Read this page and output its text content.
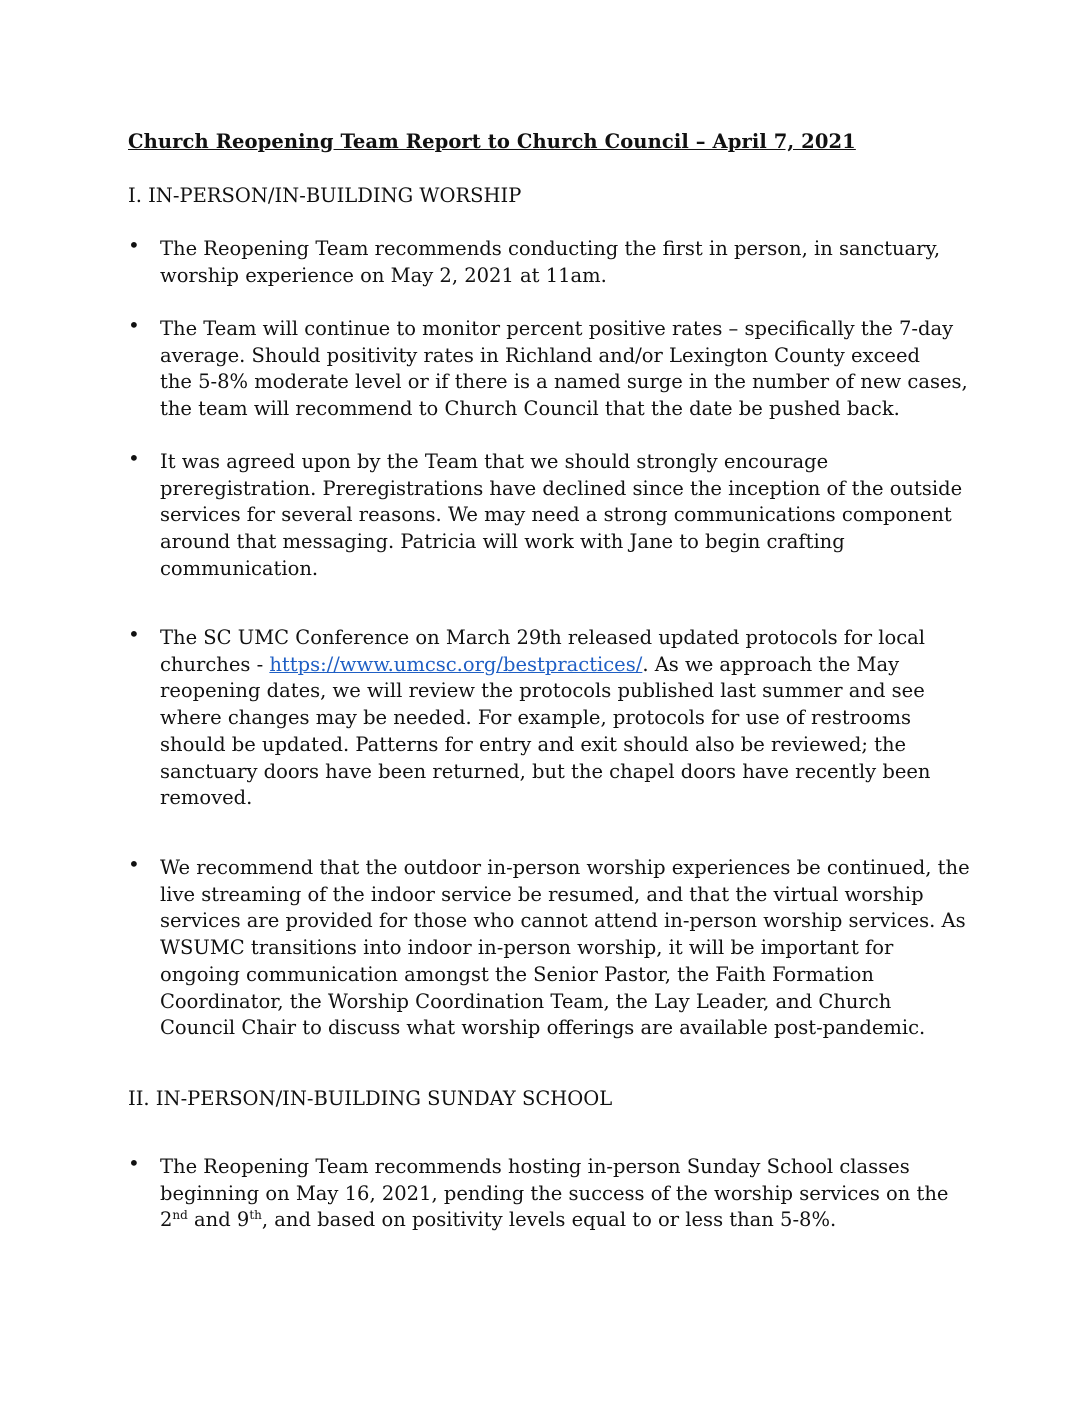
Church Reopening Team Report to Church Council – April 7, 2021
I. IN-PERSON/IN-BUILDING WORSHIP
• The Reopening Team recommends conducting the first in person, in sanctuary,
worship experience on May 2, 2021 at 11am.
• The Team will continue to monitor percent positive rates – specifically the 7-day
average. Should positivity rates in Richland and/or Lexington County exceed
the 5-8% moderate level or if there is a named surge in the number of new cases,
the team will recommend to Church Council that the date be pushed back.
• It was agreed upon by the Team that we should strongly encourage
preregistration. Preregistrations have declined since the inception of the outside
services for several reasons. We may need a strong communications component
around that messaging. Patricia will work with Jane to begin crafting
communication.
• The SC UMC Conference on March 29th released updated protocols for local
churches - https://www.umcsc.org/bestpractices/. As we approach the May
reopening dates, we will review the protocols published last summer and see
where changes may be needed. For example, protocols for use of restrooms
should be updated. Patterns for entry and exit should also be reviewed; the
sanctuary doors have been returned, but the chapel doors have recently been
removed.
• We recommend that the outdoor in-person worship experiences be continued, the
live streaming of the indoor service be resumed, and that the virtual worship
services are provided for those who cannot attend in-person worship services. As
WSUMC transitions into indoor in-person worship, it will be important for
ongoing communication amongst the Senior Pastor, the Faith Formation
Coordinator, the Worship Coordination Team, the Lay Leader, and Church
Council Chair to discuss what worship offerings are available post-pandemic.
II. IN-PERSON/IN-BUILDING SUNDAY SCHOOL
• The Reopening Team recommends hosting in-person Sunday School classes
beginning on May 16, 2021, pending the success of the worship services on the
2nd and 9th, and based on positivity levels equal to or less than 5-8%.
